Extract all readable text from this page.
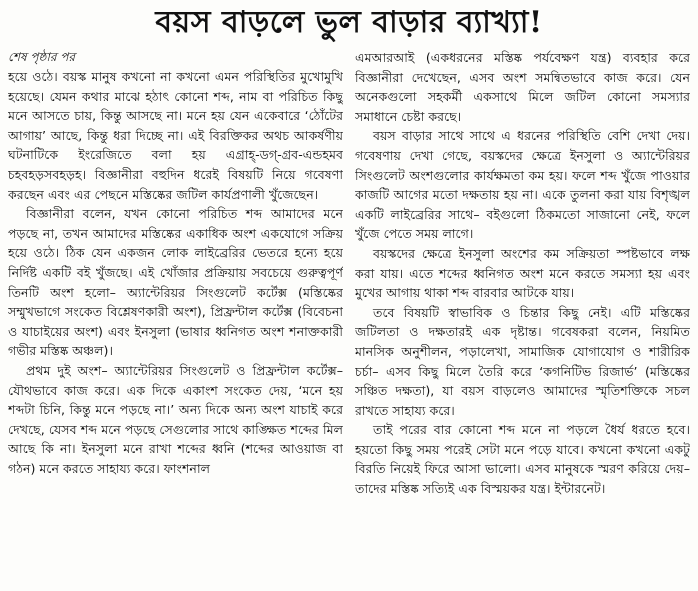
বয়স বাড়লে ভুল বাড়ার ব্যাখ্যা!
শেষ পৃষ্ঠার পর

হয়ে ওঠে। বয়স্ক মানুষ কখনো না কখনো এমন পরিস্থিতির মুখোমুখি হয়েছে। যেমন কথার মাঝে হঠাৎ কোনো শব্দ, নাম বা পরিচিত কিছু মনে আসতে চায়, কিন্তু আসছে না। মনে হয় যেন একেবারে ‘ঠোঁটের আগায়’ আছে, কিন্তু ধরা দিচ্ছে না। এই বিরক্তিকর অথচ আকর্ষণীয় ঘটনাটিকে ইংরেজিতে বলা হয় এগ্রাহ্-ডগ্-গ্রব-এন্ডহমব চহবহড়সবহড়হ। বিজ্ঞানীরা বহুদিন ধরেই বিষয়টি নিয়ে গবেষণা করছেন এবং এর পেছনে মস্তিষ্কের জটিল কার্যপ্রণালী খুঁজেছেন।

বিজ্ঞানীরা বলেন, যখন কোনো পরিচিত শব্দ আমাদের মনে পড়ছে না, তখন আমাদের মস্তিষ্কের একাধিক অংশ একযোগে সক্রিয় হয়ে ওঠে। ঠিক যেন একজন লোক লাইব্রেরির ভেতরে হন্যে হয়ে নির্দিষ্ট একটি বই খুঁজছে। এই খোঁজার প্রক্রিয়ায় সবচেয়ে গুরুত্বপূর্ণ তিনটি অংশ হলো– অ্যান্টেরিয়র সিংগুলেট কর্টেক্স (মস্তিষ্কের সম্মুখভাগে সংকেত বিশ্লেষণকারী অংশ), প্রিফ্রন্টাল কর্টেক্স (বিবেচনা ও যাচাইয়ের অংশ) এবং ইনসুলা (ভাষার ধ্বনিগত অংশ শনাক্তকারী গভীর মস্তিষ্ক অঞ্চল)।

প্রথম দুই অংশ– অ্যান্টেরিয়র সিংগুলেট ও প্রিফ্রন্টাল কর্টেক্স– যৌথভাবে কাজ করে। এক দিকে একাংশ সংকেত দেয়, ‘মনে হয় শব্দটা চিনি, কিন্তু মনে পড়ছে না।’ অন্য দিকে অন্য অংশ যাচাই করে দেখছে, যেসব শব্দ মনে পড়ছে সেগুলোর সাথে কাঙ্ক্ষিত শব্দের মিল আছে কি না। ইনসুলা মনে রাখা শব্দের ধ্বনি (শব্দের আওয়াজ বা গঠন) মনে করতে সাহায্য করে। ফাংশনাল

এমআরআই (একধরনের মস্তিষ্ক পর্যবেক্ষণ যন্ত্র) ব্যবহার করে বিজ্ঞানীরা দেখেছেন, এসব অংশ সমন্বিতভাবে কাজ করে। যেন অনেকগুলো সহকর্মী একসাথে মিলে জটিল কোনো সমস্যার সমাধানে চেষ্টা করছে।

বয়স বাড়ার সাথে সাথে এ ধরনের পরিস্থিতি বেশি দেখা দেয়। গবেষণায় দেখা গেছে, বয়স্কদের ক্ষেত্রে ইনসুলা ও অ্যান্টেরিয়র সিংগুলেট অংশগুলোর কার্যক্ষমতা কম হয়। ফলে শব্দ খুঁজে পাওয়ার কাজটি আগের মতো দক্ষতায় হয় না। একে তুলনা করা যায় বিশৃঙ্খল একটি লাইব্রেরির সাথে– বইগুলো ঠিকমতো সাজানো নেই, ফলে খুঁজে পেতে সময় লাগে।

বয়স্কদের ক্ষেত্রে ইনসুলা অংশের কম সক্রিয়তা স্পষ্টভাবে লক্ষ করা যায়। এতে শব্দের ধ্বনিগত অংশ মনে করতে সমস্যা হয় এবং মুখের আগায় থাকা শব্দ বারবার আটকে যায়।

তবে বিষয়টি স্বাভাবিক ও চিন্তার কিছু নেই। এটি মস্তিষ্কের জটিলতা ও দক্ষতারই এক দৃষ্টান্ত। গবেষকরা বলেন, নিয়মিত মানসিক অনুশীলন, পড়ালেখা, সামাজিক যোগাযোগ ও শারীরিক চর্চা– এসব কিছু মিলে তৈরি করে ‘কগনিটিভ রিজার্ভ’ (মস্তিষ্কের সঞ্চিত দক্ষতা), যা বয়স বাড়লেও আমাদের স্মৃতিশক্তিকে সচল রাখতে সাহায্য করে।

তাই পরের বার কোনো শব্দ মনে না পড়লে ধৈর্য ধরতে হবে। হয়তো কিছু সময় পরেই সেটা মনে পড়ে যাবে। কখনো কখনো একটু বিরতি নিয়েই ফিরে আসা ভালো। এসব মানুষকে স্মরণ করিয়ে দেয়– তাদের মস্তিষ্ক সত্যিই এক বিস্ময়কর যন্ত্র। ইন্টারনেট।
